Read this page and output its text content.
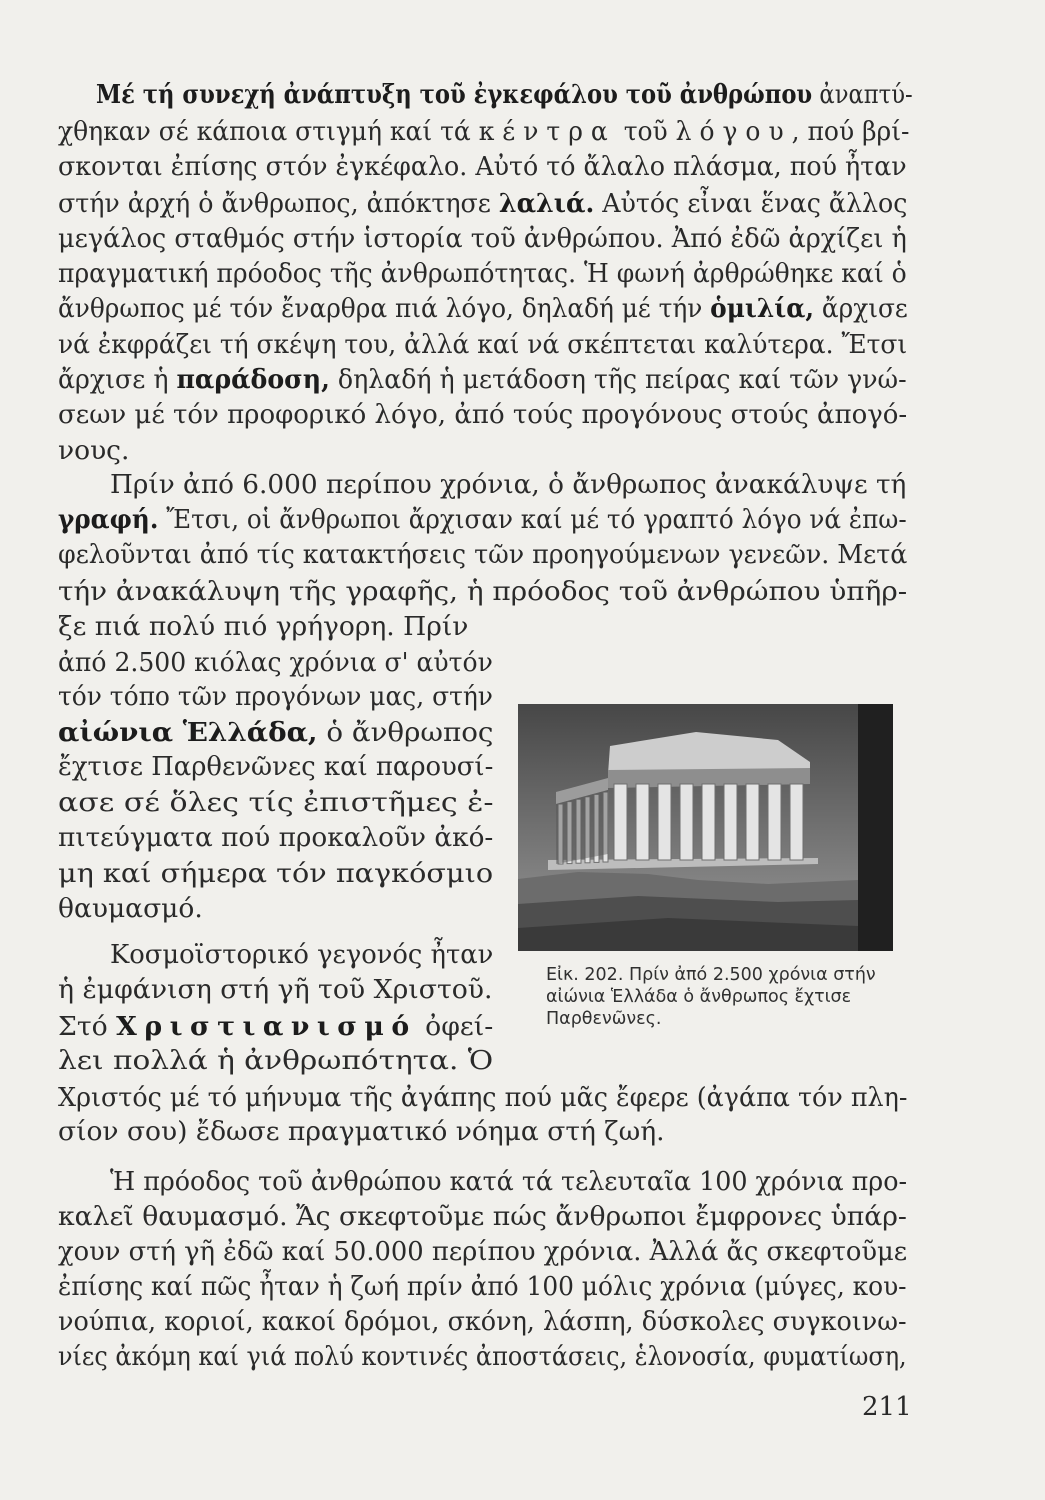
Μέ τή συνεχή ἀνάπτυξη τοῦ ἐγκεφάλου τοῦ ἀνθρώπου ἀναπτύ-
χθηκαν σέ κάποια στιγμή καί τά κέντρα τοῦ λόγου, πού βρί-
σκονται ἐπίσης στόν ἐγκέφαλο. Αὐτό τό ἄλαλο πλάσμα, πού ἦταν
στήν ἀρχή ὁ ἄνθρωπος, ἀπόκτησε λαλιά. Αὐτός εἶναι ἕνας ἄλλος
μεγάλος σταθμός στήν ἱστορία τοῦ ἀνθρώπου. Ἀπό ἐδῶ ἀρχίζει ἡ
πραγματική πρόοδος τῆς ἀνθρωπότητας. Ἡ φωνή ἀρθρώθηκε καί ὁ
ἄνθρωπος μέ τόν ἔναρθρα πιά λόγο, δηλαδή μέ τήν ὁμιλία, ἄρχισε
νά ἐκφράζει τή σκέψη του, ἀλλά καί νά σκέπτεται καλύτερα. Ἔτσι
ἄρχισε ἡ παράδοση, δηλαδή ἡ μετάδοση τῆς πείρας καί τῶν γνώ-
σεων μέ τόν προφορικό λόγο, ἀπό τούς προγόνους στούς ἀπογό-
νους.
Πρίν ἀπό 6.000 περίπου χρόνια, ὁ ἄνθρωπος ἀνακάλυψε τή
γραφή. Ἔτσι, οἱ ἄνθρωποι ἄρχισαν καί μέ τό γραπτό λόγο νά ἐπω-
φελοῦνται ἀπό τίς κατακτήσεις τῶν προηγούμενων γενεῶν. Μετά
τήν ἀνακάλυψη τῆς γραφῆς, ἡ πρόοδος τοῦ ἀνθρώπου ὑπῆρ-
ξε πιά πολύ πιό γρήγορη. Πρίν
ἀπό 2.500 κιόλας χρόνια σ' αὐτόν
τόν τόπο τῶν προγόνων μας, στήν
αἰώνια Ἑλλάδα, ὁ ἄνθρωπος
ἔχτισε Παρθενῶνες καί παρουσί-
ασε σέ ὅλες τίς ἐπιστῆμες ἐ-
πιτεύγματα πού προκαλοῦν ἀκό-
μη καί σήμερα τόν παγκόσμιο
θαυμασμό.
Κοσμοϊστορικό γεγονός ἦταν
ἡ ἐμφάνιση στή γῆ τοῦ Χριστοῦ.
Στό Χριστιανισμό ὀφεί-
λει πολλά ἡ ἀνθρωπότητα. Ὁ
Χριστός μέ τό μήνυμα τῆς ἀγάπης πού μᾶς ἔφερε (ἀγάπα τόν πλη-
σίον σου) ἔδωσε πραγματικό νόημα στή ζωή.
Ἡ πρόοδος τοῦ ἀνθρώπου κατά τά τελευταῖα 100 χρόνια προ-
καλεῖ θαυμασμό. Ἄς σκεφτοῦμε πώς ἄνθρωποι ἔμφρονες ὑπάρ-
χουν στή γῆ ἐδῶ καί 50.000 περίπου χρόνια. Ἀλλά ἄς σκεφτοῦμε
ἐπίσης καί πῶς ἦταν ἡ ζωή πρίν ἀπό 100 μόλις χρόνια (μύγες, κου-
νούπια, κοριοί, κακοί δρόμοι, σκόνη, λάσπη, δύσκολες συγκοινω-
νίες ἀκόμη καί γιά πολύ κοντινές ἀποστάσεις, ἑλονοσία, φυματίωση,
Εἰκ. 202. Πρίν ἀπό 2.500 χρόνια στήν
αἰώνια Ἑλλάδα ὁ ἄνθρωπος ἔχτισε
Παρθενῶνες.
211
